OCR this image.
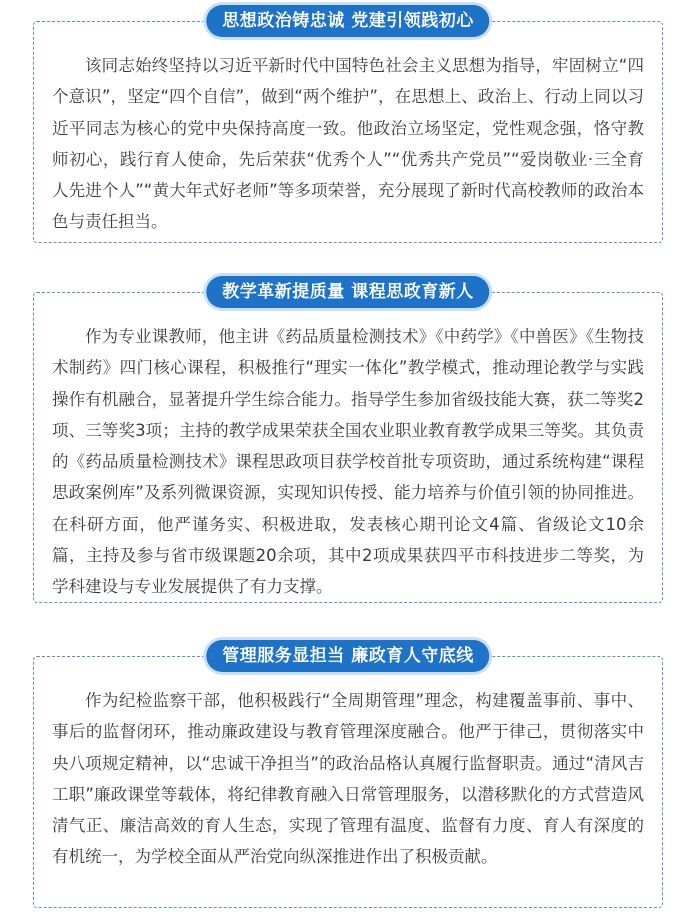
思想政治铸忠诚 党建引领践初心

该同志始终坚持以习近平新时代中国特色社会主义思想为指导，牢固树立“四个意识”，坚定“四个自信”，做到“两个维护”，在思想上、政治上、行动上同以习近平同志为核心的党中央保持高度一致。他政治立场坚定，党性观念强，恪守教师初心，践行育人使命，先后荣获“优秀个人”“优秀共产党员”“爱岗敬业·三全育人先进个人”“黄大年式好老师”等多项荣誉，充分展现了新时代高校教师的政治本色与责任担当。

教学革新提质量 课程思政育新人

作为专业课教师，他主讲《药品质量检测技术》《中药学》《中兽医》《生物技术制药》四门核心课程，积极推行“理实一体化”教学模式，推动理论教学与实践操作有机融合，显著提升学生综合能力。指导学生参加省级技能大赛，获二等奖2项、三等奖3项；主持的教学成果荣获全国农业职业教育教学成果三等奖。其负责的《药品质量检测技术》课程思政项目获学校首批专项资助，通过系统构建“课程思政案例库”及系列微课资源，实现知识传授、能力培养与价值引领的协同推进。在科研方面，他严谨务实、积极进取，发表核心期刊论文4篇、省级论文10余篇，主持及参与省市级课题20余项，其中2项成果获四平市科技进步二等奖，为学科建设与专业发展提供了有力支撑。

管理服务显担当 廉政育人守底线

作为纪检监察干部，他积极践行“全周期管理”理念，构建覆盖事前、事中、事后的监督闭环，推动廉政建设与教育管理深度融合。他严于律己，贯彻落实中央八项规定精神，以“忠诚干净担当”的政治品格认真履行监督职责。通过“清风吉工职”廉政课堂等载体，将纪律教育融入日常管理服务，以潜移默化的方式营造风清气正、廉洁高效的育人生态，实现了管理有温度、监督有力度、育人有深度的有机统一，为学校全面从严治党向纵深推进作出了积极贡献。
